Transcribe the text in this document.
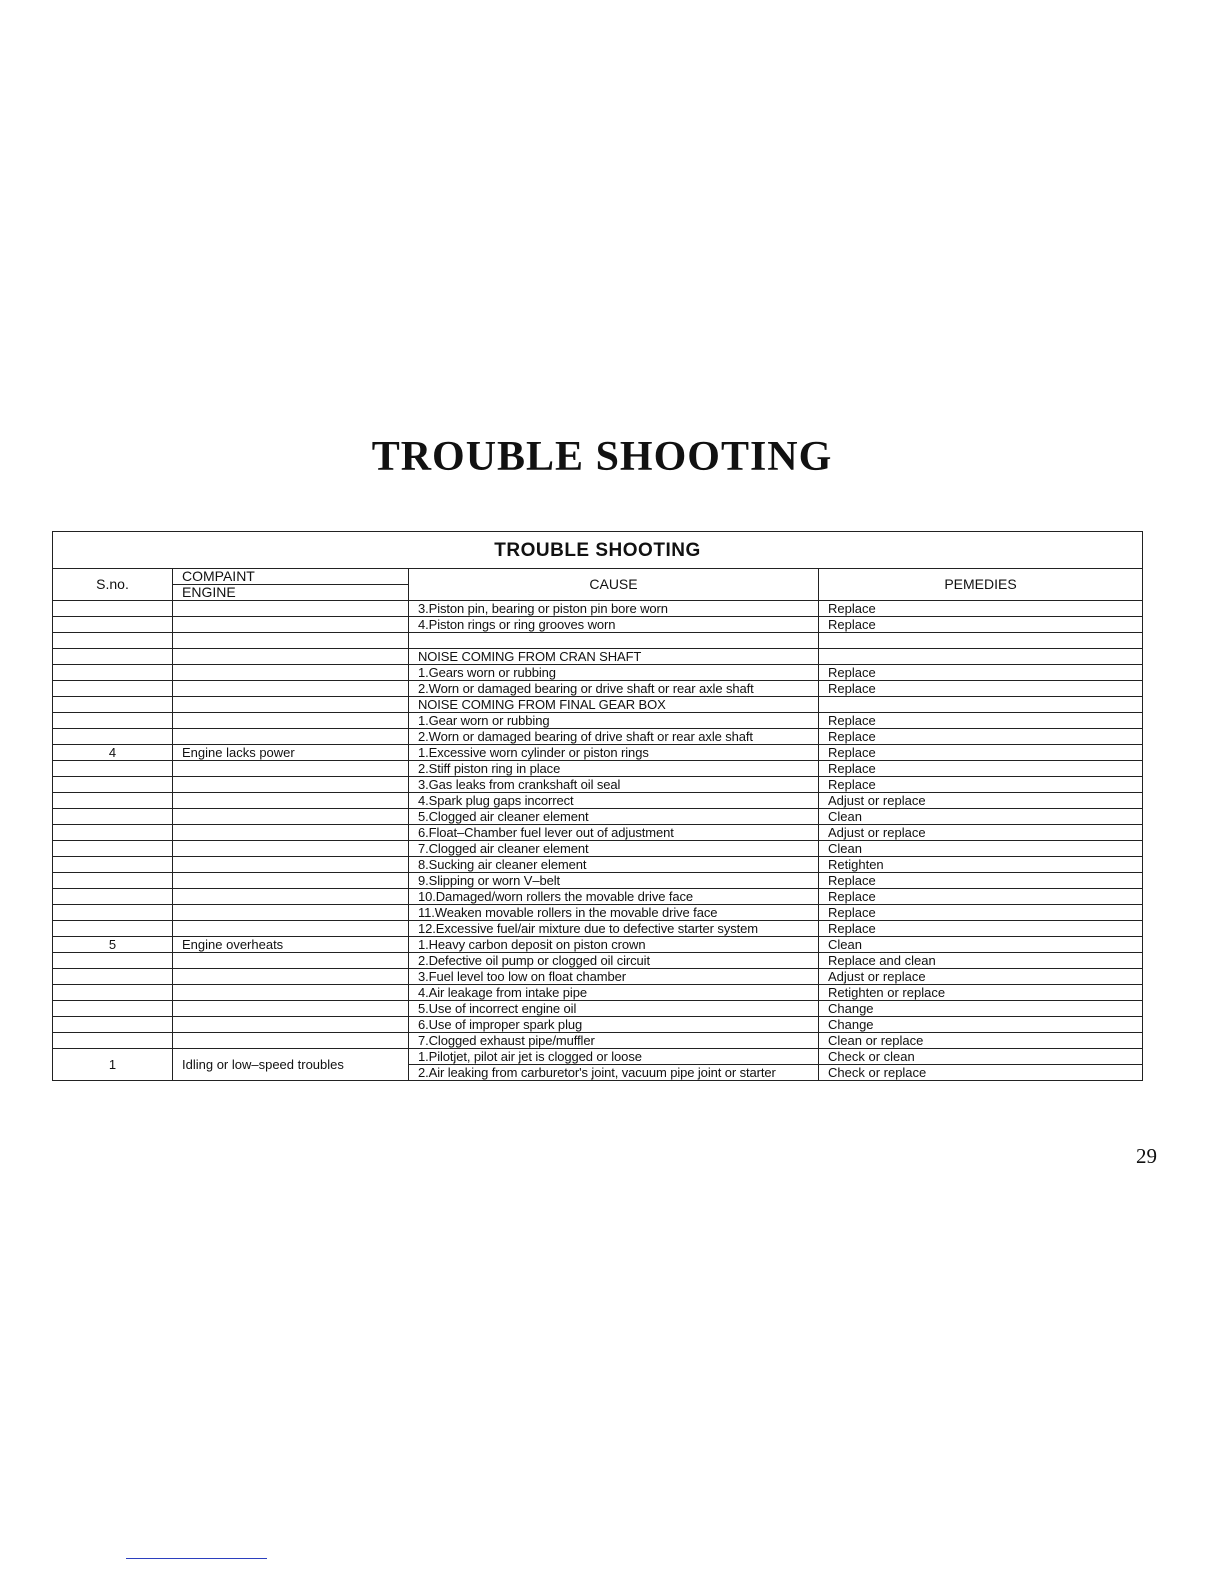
TROUBLE SHOOTING
TROUBLE SHOOTING			
S.no.	COMPAINT	CAUSE	PEMEDIES
	ENGINE		
		3.Piston pin, bearing or piston pin bore worn	Replace
		4.Piston rings or ring grooves worn	Replace

		NOISE COMING FROM CRAN SHAFT	
		1.Gears worn or rubbing	Replace
		2.Worn or damaged bearing or drive shaft or rear axle shaft	Replace
		NOISE COMING FROM FINAL GEAR BOX	
		1.Gear worn or rubbing	Replace
		2.Worn or damaged bearing of drive shaft or rear axle shaft	Replace
4	Engine lacks power	1.Excessive worn cylinder or piston rings	Replace
		2.Stiff piston ring in place	Replace
		3.Gas leaks from crankshaft oil seal	Replace
		4.Spark plug gaps incorrect	Adjust or replace
		5.Clogged air cleaner element	Clean
		6.Float–Chamber fuel lever out of adjustment	Adjust or replace
		7.Clogged air cleaner element	Clean
		8.Sucking air cleaner element	Retighten
		9.Slipping or worn V–belt	Replace
		10.Damaged/worn rollers the movable drive face	Replace
		11.Weaken movable rollers in the movable drive face	Replace
		12.Excessive fuel/air mixture due to defective starter system	Replace
5	Engine overheats	1.Heavy carbon deposit on piston crown	Clean
		2.Defective oil pump or clogged oil circuit	Replace and clean
		3.Fuel level too low on float chamber	Adjust or replace
		4.Air leakage from intake pipe	Retighten or replace
		5.Use of incorrect engine oil	Change
		6.Use of improper spark plug	Change
		7.Clogged exhaust pipe/muffler	Clean or replace
1	Idling or low–speed troubles	1.Pilotjet, pilot air jet is clogged or loose	Check or clean
		2.Air leaking from carburetor's joint, vacuum pipe joint or starter	Check or replace
29
